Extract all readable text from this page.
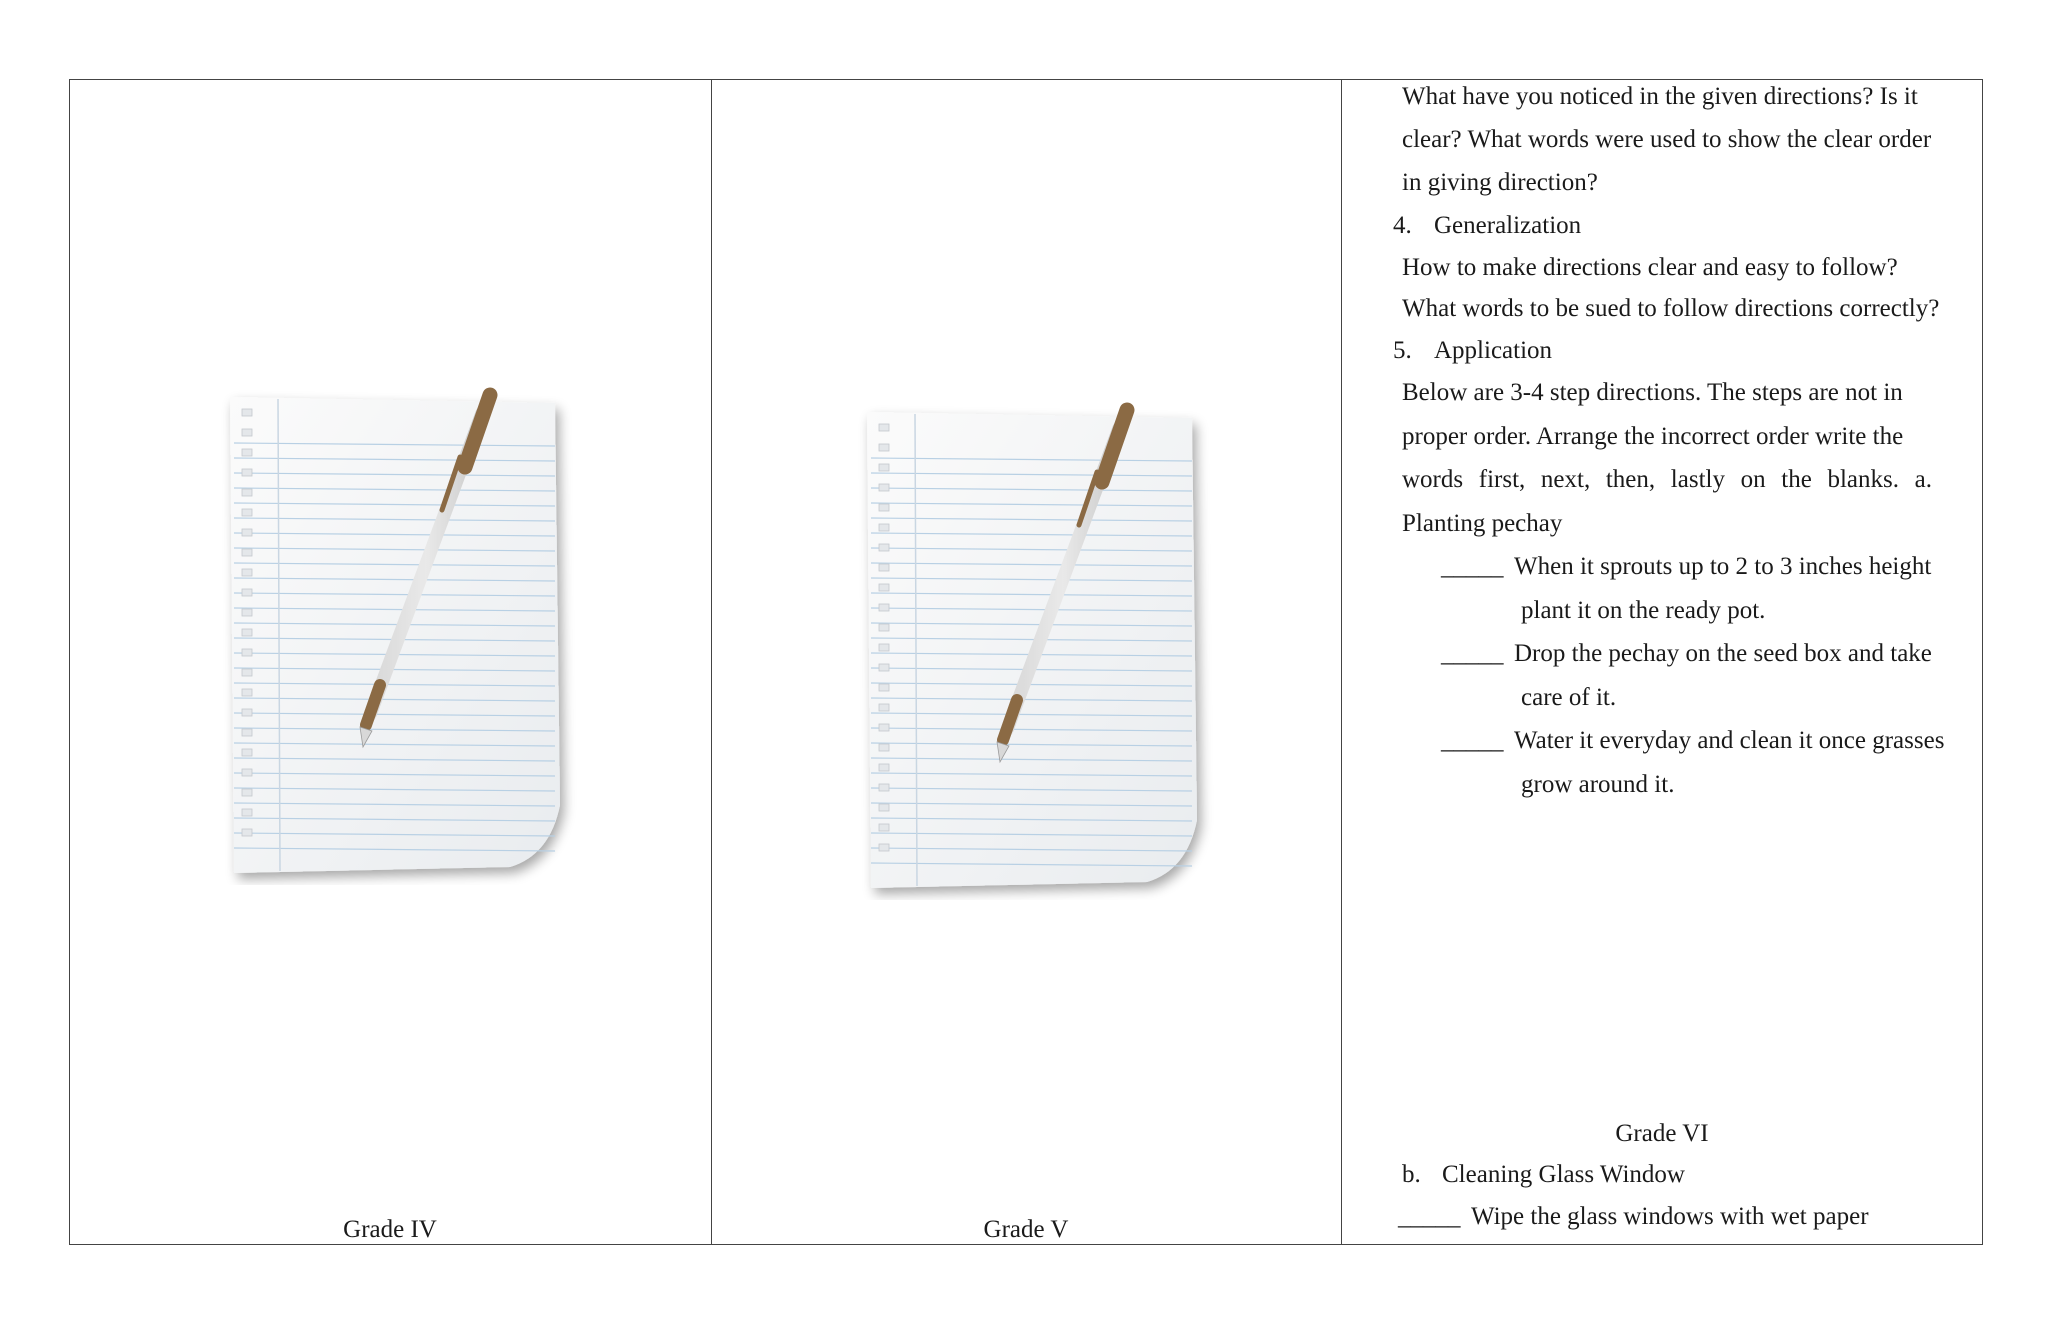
Grade IV	Grade V
What have you noticed in the given directions? Is it
clear? What words were used to show the clear order
in giving direction?
4. Generalization
How to make directions clear and easy to follow?
What words to be sued to follow directions correctly?
5. Application
Below are 3-4 step directions. The steps are not in
proper order. Arrange the incorrect order write the
words first, next, then, lastly on the blanks. a.
Planting pechay
_____ When it sprouts up to 2 to 3 inches height
plant it on the ready pot.
_____ Drop the pechay on the seed box and take
care of it.
_____ Water it everyday and clean it once grasses
grow around it.
Grade VI
b. Cleaning Glass Window
_____ Wipe the glass windows with wet paper
